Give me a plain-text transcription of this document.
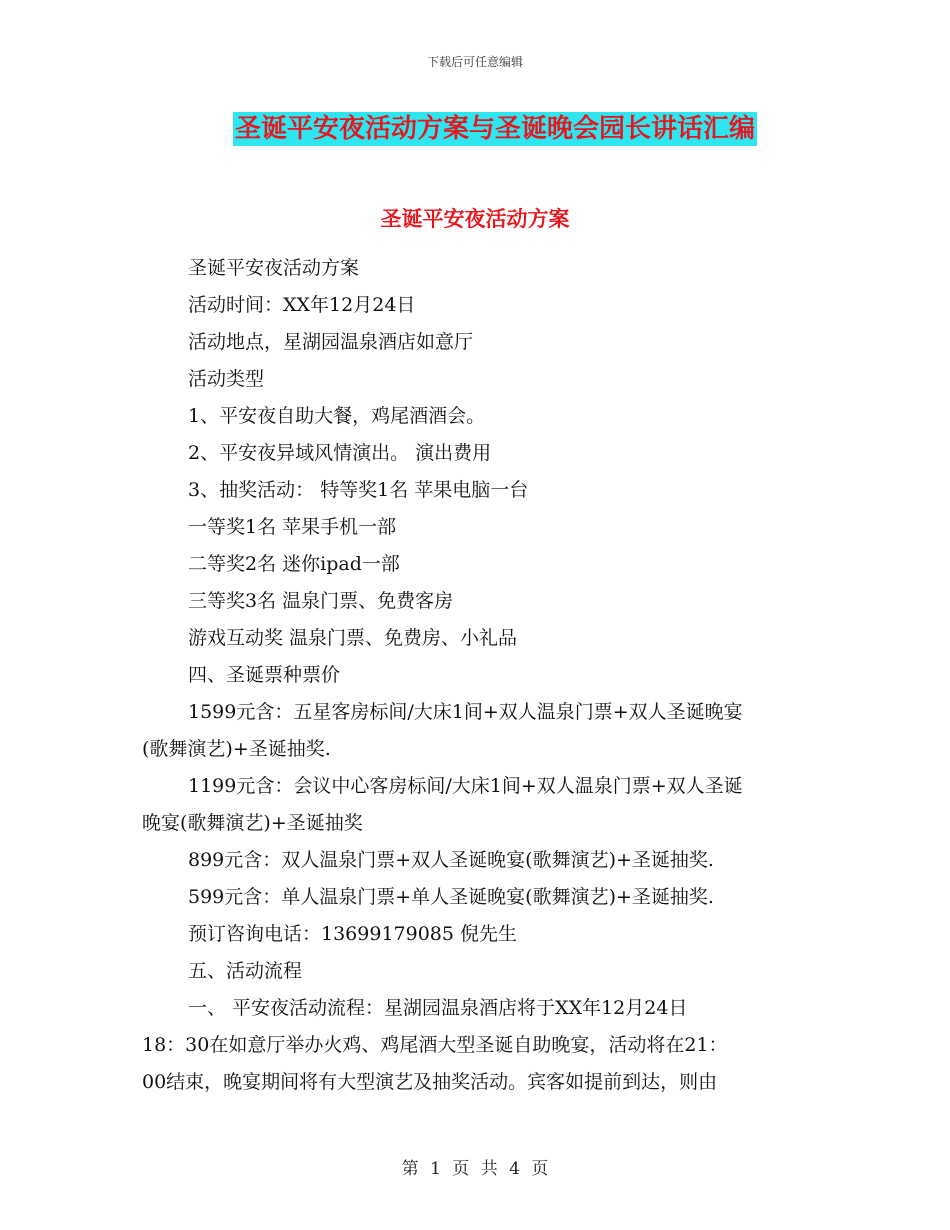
下载后可任意编辑
圣诞平安夜活动方案与圣诞晚会园长讲话汇编
圣诞平安夜活动方案
圣诞平安夜活动方案
活动时间：XX年12月24日
活动地点，星湖园温泉酒店如意厅
活动类型
1、平安夜自助大餐，鸡尾酒酒会。
2、平安夜异域风情演出。 演出费用
3、抽奖活动： 特等奖1名 苹果电脑一台
一等奖1名 苹果手机一部
二等奖2名 迷你ipad一部
三等奖3名 温泉门票、免费客房
游戏互动奖 温泉门票、免费房、小礼品
四、圣诞票种票价
1599元含：五星客房标间/大床1间+双人温泉门票+双人圣诞晚宴
(歌舞演艺)+圣诞抽奖.
1199元含：会议中心客房标间/大床1间+双人温泉门票+双人圣诞
晚宴(歌舞演艺)+圣诞抽奖
899元含：双人温泉门票+双人圣诞晚宴(歌舞演艺)+圣诞抽奖.
599元含：单人温泉门票+单人圣诞晚宴(歌舞演艺)+圣诞抽奖.
预订咨询电话：13699179085 倪先生
五、活动流程
一、 平安夜活动流程：星湖园温泉酒店将于XX年12月24日
18：30在如意厅举办火鸡、鸡尾酒大型圣诞自助晚宴，活动将在21：
00结束，晚宴期间将有大型演艺及抽奖活动。宾客如提前到达，则由
第 1 页 共 4 页
